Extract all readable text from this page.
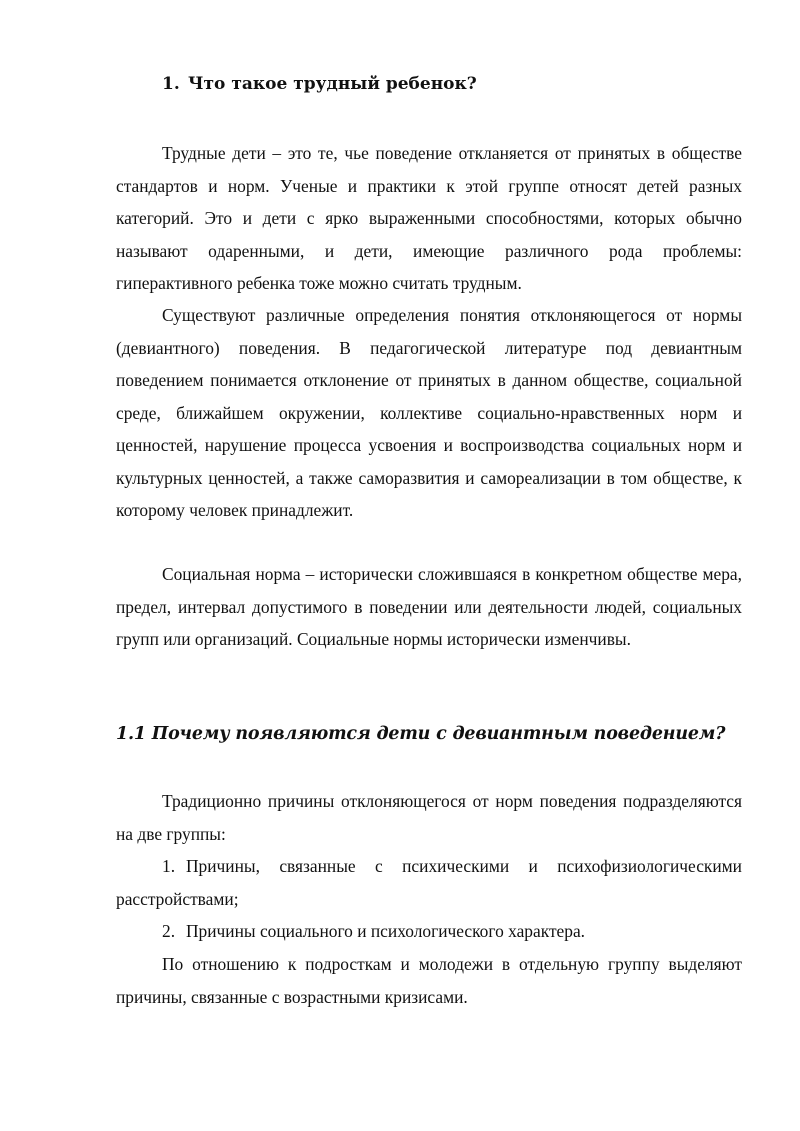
1. Что такое трудный ребенок?

Трудные дети – это те, чье поведение откланяется от принятых в обществе стандартов и норм. Ученые и практики к этой группе относят детей разных категорий. Это и дети с ярко выраженными способностями, которых обычно называют одаренными, и дети, имеющие различного рода проблемы: гиперактивного ребенка тоже можно считать трудным.

Существуют различные определения понятия отклоняющегося от нормы (девиантного) поведения. В педагогической литературе под девиантным поведением понимается отклонение от принятых в данном обществе, социальной среде, ближайшем окружении, коллективе социально-нравственных норм и ценностей, нарушение процесса усвоения и воспроизводства социальных норм и культурных ценностей, а также саморазвития и самореализации в том обществе, к которому человек принадлежит.

Социальная норма – исторически сложившаяся в конкретном обществе мера, предел, интервал допустимого в поведении или деятельности людей, социальных групп или организаций. Социальные нормы исторически изменчивы.

1.1 Почему появляются дети с девиантным поведением?

Традиционно причины отклоняющегося от норм поведения подразделяются на две группы:

1. Причины, связанные с психическими и психофизиологическими расстройствами;

2. Причины социального и психологического характера.

По отношению к подросткам и молодежи в отдельную группу выделяют причины, связанные с возрастными кризисами.
